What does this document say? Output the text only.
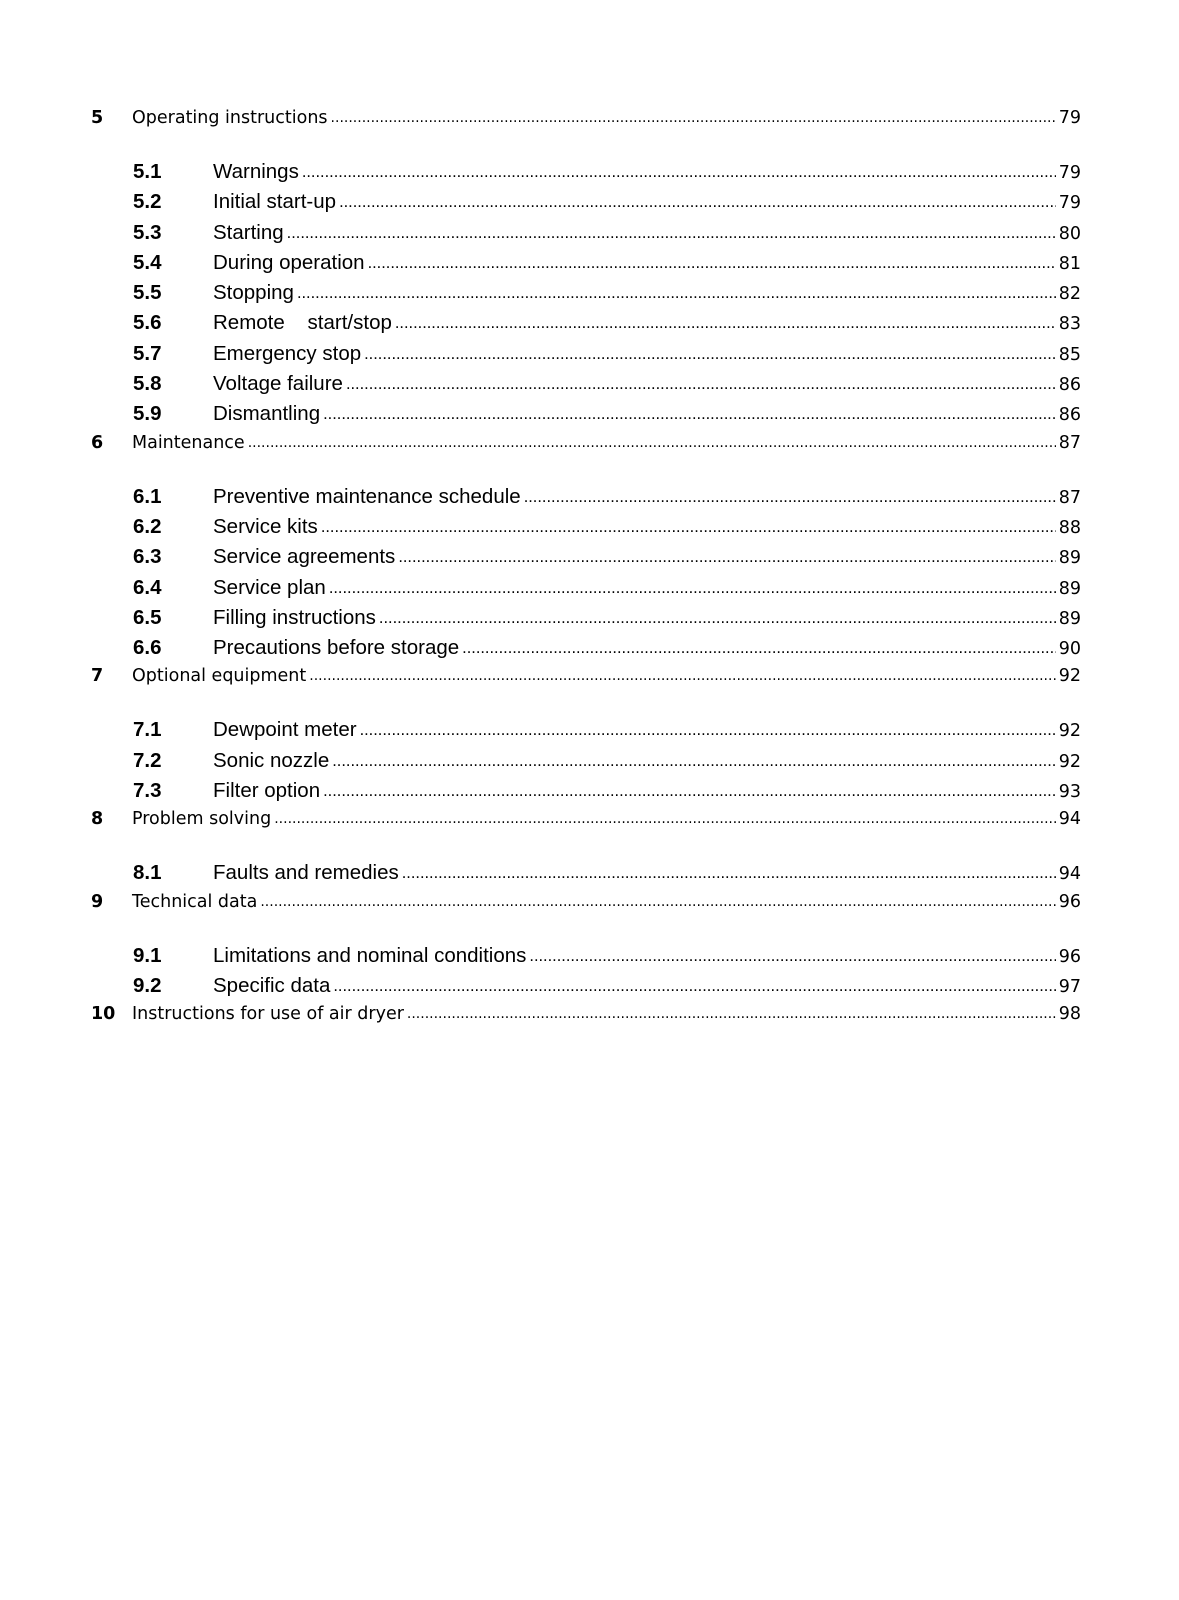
5	Operating instructions .....	79
5.1	Warnings .....	79
5.2	Initial start-up .....	79
5.3	Starting .....	80
5.4	During operation .....	81
5.5	Stopping .....	82
5.6	Remote    start/stop .....	83
5.7	Emergency stop .....	85
5.8	Voltage failure .....	86
5.9	Dismantling .....	86
6	Maintenance .....	87
6.1	Preventive maintenance schedule .....	87
6.2	Service kits .....	88
6.3	Service agreements .....	89
6.4	Service plan .....	89
6.5	Filling instructions .....	89
6.6	Precautions before storage .....	90
7	Optional equipment .....	92
7.1	Dewpoint meter .....	92
7.2	Sonic nozzle .....	92
7.3	Filter option .....	93
8	Problem solving .....	94
8.1	Faults and remedies .....	94
9	Technical data .....	96
9.1	Limitations and nominal conditions .....	96
9.2	Specific data .....	97
10 Instructions for use of air dryer .....	98
